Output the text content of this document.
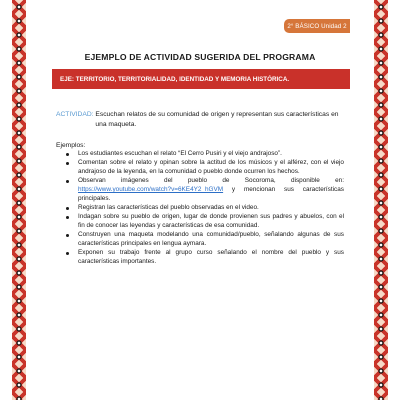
2° BÁSICO Unidad 2
EJEMPLO DE ACTIVIDAD SUGERIDA DEL PROGRAMA
EJE: TERRITORIO, TERRITORIALIDAD, IDENTIDAD Y MEMORIA HISTÓRICA.
ACTIVIDAD: Escuchan relatos de su comunidad de origen y representan sus características en una maqueta.
Ejemplos:
Los estudiantes escuchan el relato “El Cerro Pusiri y el viejo andrajoso”.
Comentan sobre el relato y opinan sobre la actitud de los músicos y el alférez, con el viejo andrajoso de la leyenda, en la comunidad o pueblo donde ocurren los hechos.
Observan imágenes del pueblo de Socoroma, disponible en: https://www.youtube.com/watch?v=6KE4Y2_hGVM y mencionan sus características principales.
Registran las características del pueblo observadas en el video.
Indagan sobre su pueblo de origen, lugar de donde provienen sus padres y abuelos, con el fin de conocer las leyendas y características de esa comunidad.
Construyen una maqueta modelando una comunidad/pueblo, señalando algunas de sus características principales en lengua aymara.
Exponen su trabajo frente al grupo curso señalando el nombre del pueblo y sus características importantes.
